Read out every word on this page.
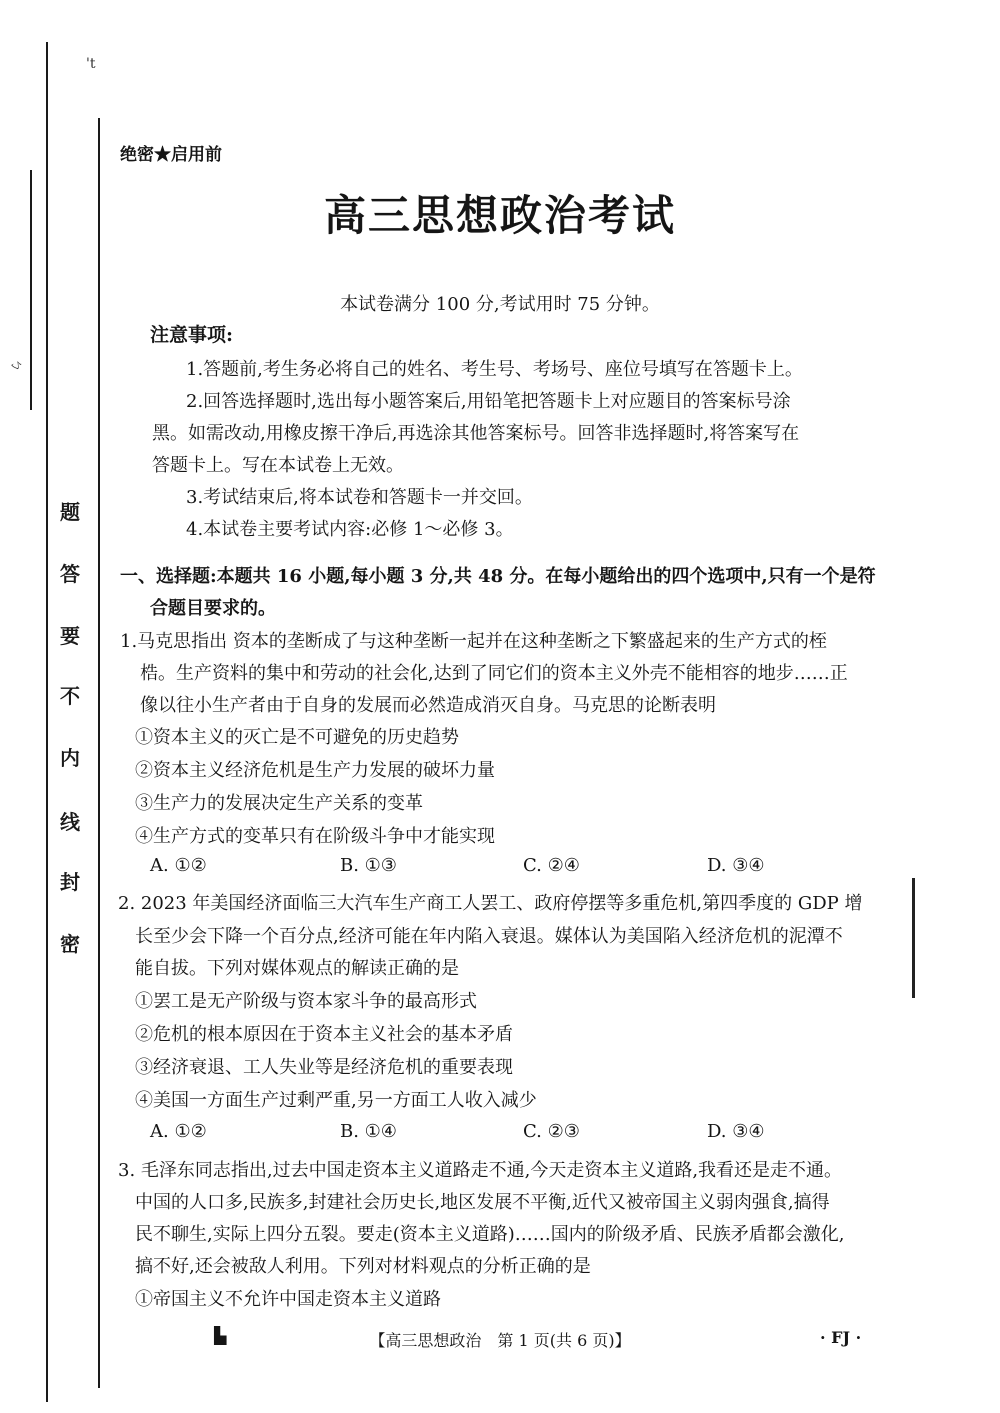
't
ㄅ
密
封
线
内
不
要
答
题
绝密★启用前
高三思想政治考试
本试卷满分 100 分,考试用时 75 分钟。
注意事项:
1.答题前,考生务必将自己的姓名、考生号、考场号、座位号填写在答题卡上。
2.回答选择题时,选出每小题答案后,用铅笔把答题卡上对应题目的答案标号涂
黑。如需改动,用橡皮擦干净后,再选涂其他答案标号。回答非选择题时,将答案写在
答题卡上。写在本试卷上无效。
3.考试结束后,将本试卷和答题卡一并交回。
4.本试卷主要考试内容:必修 1～必修 3。
一、选择题:本题共 16 小题,每小题 3 分,共 48 分。在每小题给出的四个选项中,只有一个是符
合题目要求的。
1.马克思指出 资本的垄断成了与这种垄断一起并在这种垄断之下繁盛起来的生产方式的桎
梏。生产资料的集中和劳动的社会化,达到了同它们的资本主义外壳不能相容的地步……正
像以往小生产者由于自身的发展而必然造成消灭自身。马克思的论断表明
①资本主义的灭亡是不可避免的历史趋势
②资本主义经济危机是生产力发展的破坏力量
③生产力的发展决定生产关系的变革
④生产方式的变革只有在阶级斗争中才能实现
A. ①②	B. ①③	C. ②④	D. ③④
2. 2023 年美国经济面临三大汽车生产商工人罢工、政府停摆等多重危机,第四季度的 GDP 增
长至少会下降一个百分点,经济可能在年内陷入衰退。媒体认为美国陷入经济危机的泥潭不
能自拔。下列对媒体观点的解读正确的是
①罢工是无产阶级与资本家斗争的最高形式
②危机的根本原因在于资本主义社会的基本矛盾
③经济衰退、工人失业等是经济危机的重要表现
④美国一方面生产过剩严重,另一方面工人收入减少
A. ①②	B. ①④	C. ②③	D. ③④
3. 毛泽东同志指出,过去中国走资本主义道路走不通,今天走资本主义道路,我看还是走不通。
中国的人口多,民族多,封建社会历史长,地区发展不平衡,近代又被帝国主义弱肉强食,搞得
民不聊生,实际上四分五裂。要走(资本主义道路)……国内的阶级矛盾、民族矛盾都会激化,
搞不好,还会被敌人利用。下列对材料观点的分析正确的是
①帝国主义不允许中国走资本主义道路
▙	【高三思想政治　第 1 页(共 6 页)】	· FJ ·
